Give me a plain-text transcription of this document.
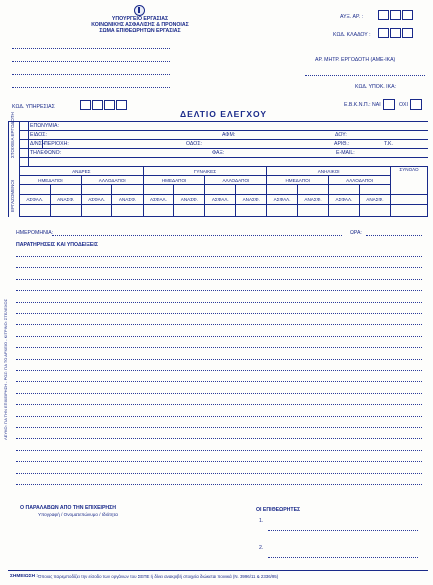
ΥΠΟΥΡΓΕΙΟ ΕΡΓΑΣΙΑΣ
ΚΟΙΝΩΝΙΚΗΣ ΑΣΦΑΛΙΣΗΣ & ΠΡΟΝΟΙΑΣ
ΣΩΜΑ ΕΠΙΘΕΩΡΗΤΩΝ ΕΡΓΑΣΙΑΣ
ΑΥΞ. ΑΡ. :
ΚΩΔ. ΚΛΑΔΟΥ :
ΑΡ. ΜΗΤΡ. ΕΡΓΟΔΟΤΗ (ΑΜΕ-ΙΚΑ)
ΚΩΔ. ΥΠΟΚ. ΙΚΑ:
Ε.Β.Κ.Ν.Π.: ΝΑΙ	ΟΧΙ
ΚΩΔ. ΥΠΗΡΕΣΙΑΣ
ΔΕΛΤΙΟ ΕΛΕΓΧΟΥ
ΣΤΟΙΧΕΙΑ ΕΡΓΟΔΟΤΗ	ΕΠΩΝΥΜΙΑ:
ΕΙΔΟΣ:	ΑΦΜ:	ΔΟΥ:
Δ/ΝΣΗ
ΠΕΡΙΟΧΗ:	ΟΔΟΣ:	ΑΡΙΘ.:	Τ.Κ.
ΤΗΛΕΦΩΝΟ:	ΦΑΞ:	E-MAIL:
ΕΡΓΑΖΟΜΕΝΟΙ
ΑΝΔΡΕΣ				ΓΥΝΑΙΚΕΣ				ΑΝΗΛΙΚΟΙ				ΣΥΝΟΛΟ
ΗΜΕΔΑΠΟΙ		ΑΛΛΟΔΑΠΟΙ		ΗΜΕΔΑΠΟΙ		ΑΛΛΟΔΑΠΟΙ		ΗΜΕΔΑΠΟΙ		ΑΛΛΟΔΑΠΟΙ		

ΑΣΦΑΛ.	ΑΝΑΣΦ.	ΑΣΦΑΛ.	ΑΝΑΣΦ.	ΑΣΦΑΛ.	ΑΝΑΣΦ.	ΑΣΦΑΛ.	ΑΝΑΣΦ.	ΑΣΦΑΛ.	ΑΝΑΣΦ.	ΑΣΦΑΛ.	ΑΝΑΣΦ.	

ΗΜΕΡΟΜΗΝΙΑ:	ΩΡΑ:
ΠΑΡΑΤΗΡΗΣΕΙΣ ΚΑΙ ΥΠΟΔΕΙΞΕΙΣ
ΛΕΥΚΟ: ΓΙΑ ΤΗΝ ΕΠΙΧΕΙΡΗΣΗ - ΡΟΖ: ΓΙΑ ΤΟ ΑΡΧΕΙΟ - ΚΙΤΡΙΝΟ: ΣΤΕΛΕΧΟΣ
Ο ΠΑΡΑΛΑΒΩΝ ΑΠΟ ΤΗΝ ΕΠΙΧΕΙΡΗΣΗ
Υπογραφή / Ονοματεπώνυμο / Ιδιότητα
ΟΙ ΕΠΙΘΕΩΡΗΤΕΣ
1.
2.
ΣΗΜΕΙΩΣΗ : Όποιος παρεμποδίζει την είσοδο των οργάνων του ΣΕΠΕ ή δίνει ανακριβή στοιχεία διώκεται ποινικά (Ν. 3996/11 & 2336/95)
